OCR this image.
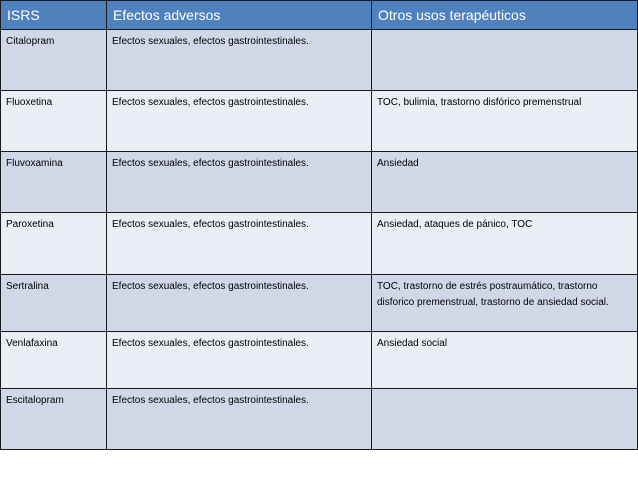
ISRS	Efectos adversos	Otros usos terapéuticos
Citalopram	Efectos sexuales, efectos gastrointestinales.	
Fluoxetina	Efectos sexuales, efectos gastrointestinales.	TOC, bulimia, trastorno disfórico premenstrual
Fluvoxamina	Efectos sexuales, efectos gastrointestinales.	Ansiedad
Paroxetina	Efectos sexuales, efectos gastrointestinales.	Ansiedad, ataques de pánico, TOC
Sertralina	Efectos sexuales, efectos gastrointestinales.	TOC, trastorno de estrés postraumático, trastorno disforico premenstrual, trastorno de ansiedad social.
Venlafaxina	Efectos sexuales, efectos gastrointestinales.	Ansiedad social
Escitalopram	Efectos sexuales, efectos gastrointestinales.	
